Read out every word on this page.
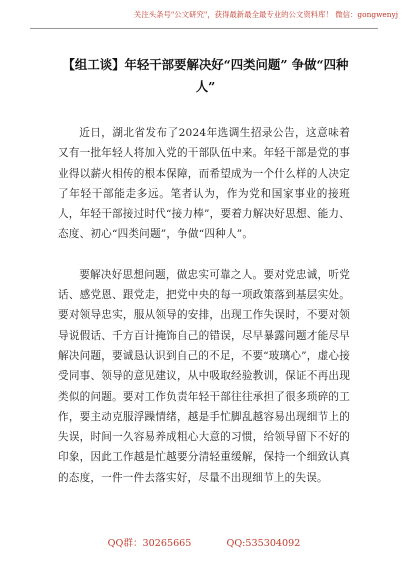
关注头条号"公文研究"，获得最新最全最专业的公文资料库！ 微信：gongwenyj
【组工谈】年轻干部要解决好“四类问题” 争做“四种人”

近日，湖北省发布了2024年选调生招录公告，这意味着又有一批年轻人将加入党的干部队伍中来。年轻干部是党的事业得以薪火相传的根本保障，而希望成为一个什么样的人决定了年轻干部能走多远。笔者认为，作为党和国家事业的接班人，年轻干部接过时代“接力棒”，要着力解决好思想、能力、态度、初心“四类问题”，争做“四种人”。

要解决好思想问题，做忠实可靠之人。要对党忠诚，听党话、感党恩、跟党走，把党中央的每一项政策落到基层实处。要对领导忠实，服从领导的安排，出现工作失误时，不要对领导说假话、千方百计掩饰自己的错误，尽早暴露问题才能尽早解决问题，要诚恳认识到自己的不足，不要“玻璃心”，虚心接受同事、领导的意见建议，从中吸取经验教训，保证不再出现类似的问题。要对工作负责年轻干部往往承担了很多琐碎的工作，要主动克服浮躁情绪，越是手忙脚乱越容易出现细节上的失误，时间一久容易养成粗心大意的习惯，给领导留下不好的印象，因此工作越是忙越要分清轻重缓解，保持一个细致认真的态度，一件一件去落实好，尽量不出现细节上的失误。

QQ群：30265665	QQ:535304092
